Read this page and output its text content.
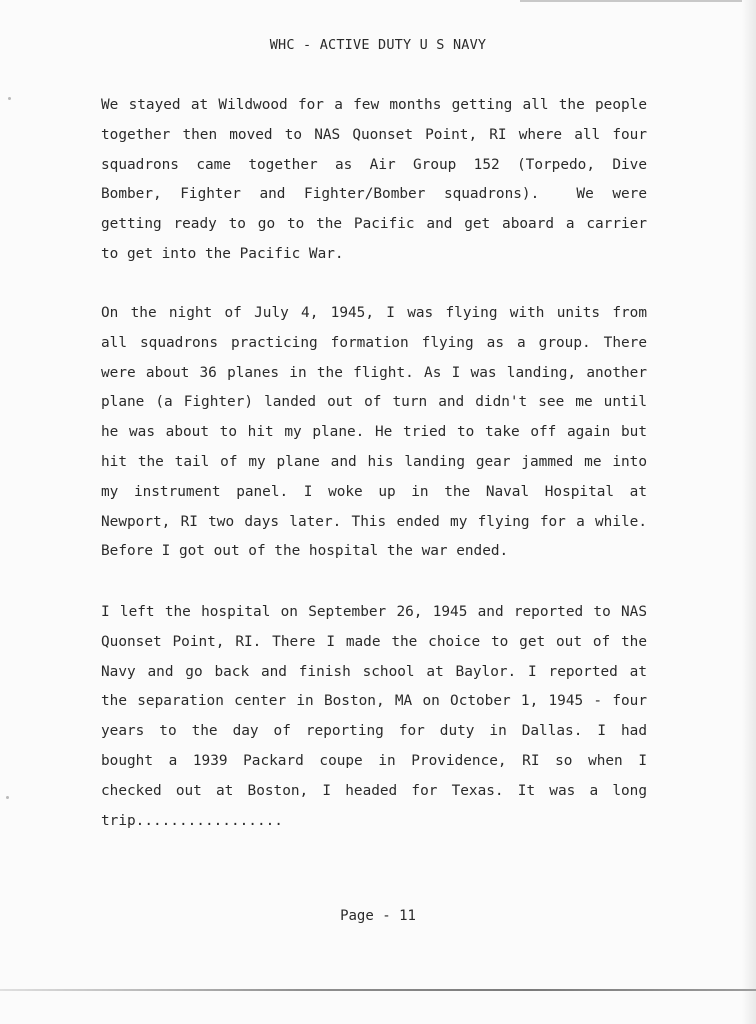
WHC - ACTIVE DUTY U S NAVY
We stayed at Wildwood for a few months getting all the people
together then moved to NAS Quonset Point, RI where all four
squadrons came together as Air Group 152 (Torpedo, Dive
Bomber, Fighter and Fighter/Bomber squadrons).  We were
getting ready to go to the Pacific and get aboard a carrier
to get into the Pacific War.
On the night of July 4, 1945, I was flying with units from
all squadrons practicing formation flying as a group. There
were about 36 planes in the flight. As I was landing, another
plane (a Fighter) landed out of turn and didn't see me until
he was about to hit my plane. He tried to take off again but
hit the tail of my plane and his landing gear jammed me into
my instrument panel. I woke up in the Naval Hospital at
Newport, RI two days later. This ended my flying for a while.
Before I got out of the hospital the war ended.
I left the hospital on September 26, 1945 and reported to NAS
Quonset Point, RI. There I made the choice to get out of the
Navy and go back and finish school at Baylor. I reported at
the separation center in Boston, MA on October 1, 1945 - four
years to the day of reporting for duty in Dallas. I had
bought a 1939 Packard coupe in Providence, RI so when I
checked out at Boston, I headed for Texas. It was a long
trip.................
Page - 11
